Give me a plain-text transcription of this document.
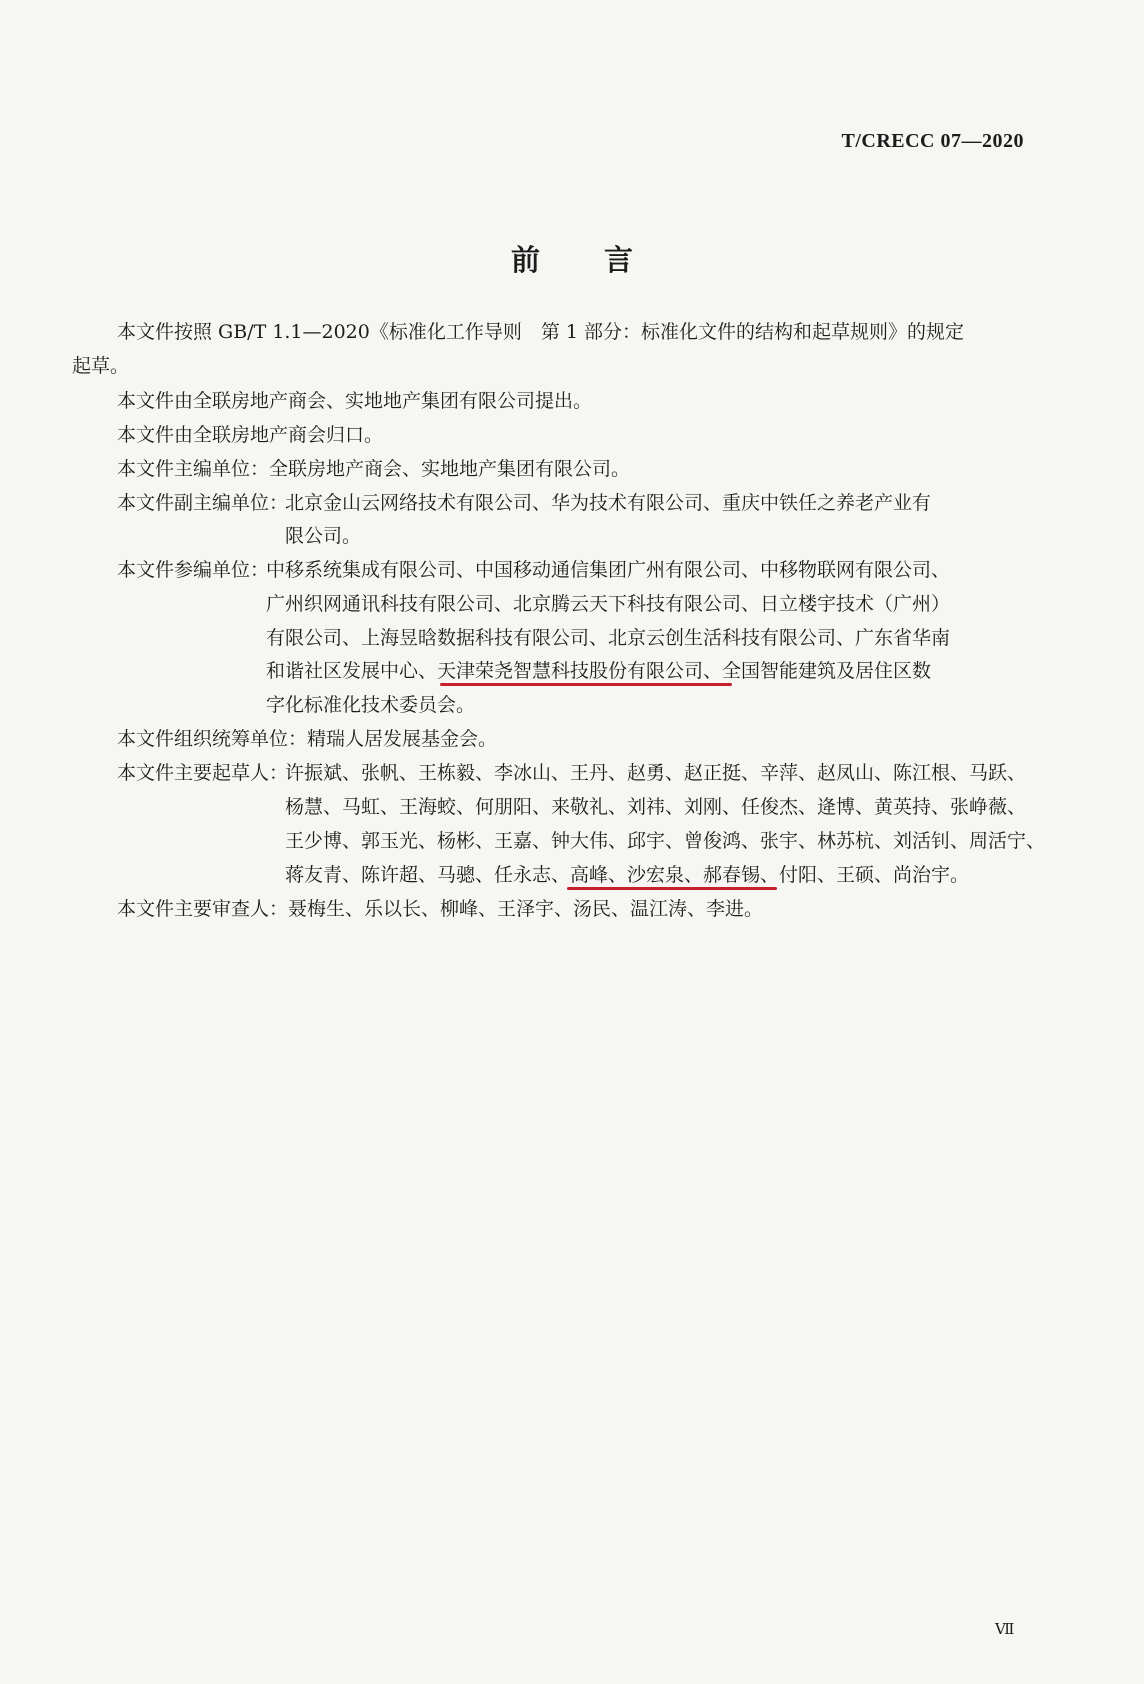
T/CRECC 07—2020
前 言
本文件按照 GB/T 1.1—2020《标准化工作导则　第 1 部分：标准化文件的结构和起草规则》的规定
起草。
本文件由全联房地产商会、实地地产集团有限公司提出。
本文件由全联房地产商会归口。
本文件主编单位：全联房地产商会、实地地产集团有限公司。
本文件副主编单位：
北京金山云网络技术有限公司、华为技术有限公司、重庆中铁任之养老产业有
限公司。
本文件参编单位：
中移系统集成有限公司、中国移动通信集团广州有限公司、中移物联网有限公司、
广州织网通讯科技有限公司、北京腾云天下科技有限公司、日立楼宇技术（广州）
有限公司、上海昱晗数据科技有限公司、北京云创生活科技有限公司、广东省华南
和谐社区发展中心、天津荣尧智慧科技股份有限公司、全国智能建筑及居住区数
字化标准化技术委员会。
本文件组织统筹单位：精瑞人居发展基金会。
本文件主要起草人：
许振斌、张帆、王栋毅、李冰山、王丹、赵勇、赵正挺、辛萍、赵凤山、陈江根、马跃、
杨慧、马虹、王海蛟、何朋阳、来敬礼、刘祎、刘刚、任俊杰、逄博、黄英持、张峥薇、
王少博、郭玉光、杨彬、王嘉、钟大伟、邱宇、曾俊鸿、张宇、林苏杭、刘活钊、周活宁、
蒋友青、陈许超、马骢、任永志、高峰、沙宏泉、郝春锡、付阳、王硕、尚治宇。
本文件主要审查人：聂梅生、乐以长、柳峰、王泽宇、汤民、温江涛、李进。
Ⅶ
